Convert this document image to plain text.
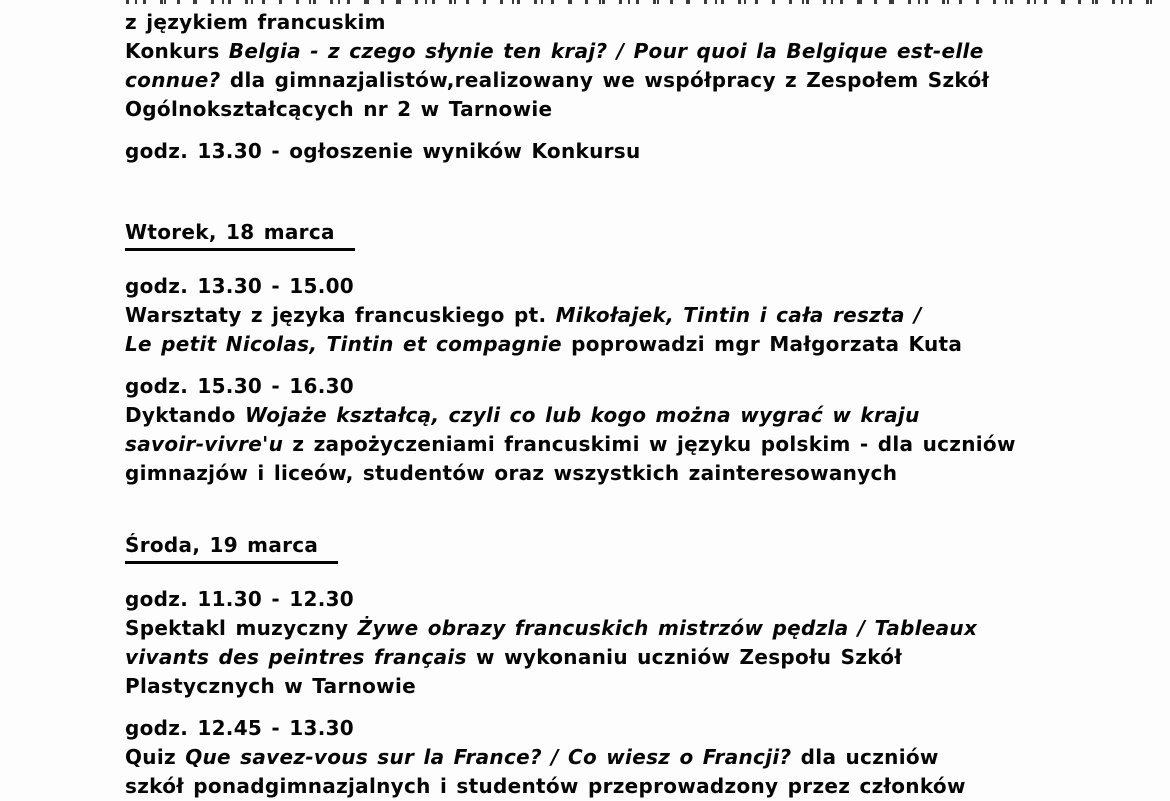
z językiem francuskim
Konkurs Belgia - z czego słynie ten kraj? / Pour quoi la Belgique est-elle
connue? dla gimnazjalistów,realizowany we współpracy z Zespołem Szkół
Ogólnokształcących nr 2 w Tarnowie
godz. 13.30 - ogłoszenie wyników Konkursu
Wtorek, 18 marca
godz. 13.30 - 15.00
Warsztaty z języka francuskiego pt. Mikołajek, Tintin i cała reszta /
Le petit Nicolas, Tintin et compagnie poprowadzi mgr Małgorzata Kuta
godz. 15.30 - 16.30
Dyktando Wojaże kształcą, czyli co lub kogo można wygrać w kraju
savoir-vivre'u z zapożyczeniami francuskimi w języku polskim - dla uczniów
gimnazjów i liceów, studentów oraz wszystkich zainteresowanych
Środa, 19 marca
godz. 11.30 - 12.30
Spektakl muzyczny Żywe obrazy francuskich mistrzów pędzla / Tableaux
vivants des peintres français w wykonaniu uczniów Zespołu Szkół
Plastycznych w Tarnowie
godz. 12.45 - 13.30
Quiz Que savez-vous sur la France? / Co wiesz o Francji? dla uczniów
szkół ponadgimnazjalnych i studentów przeprowadzony przez członków
